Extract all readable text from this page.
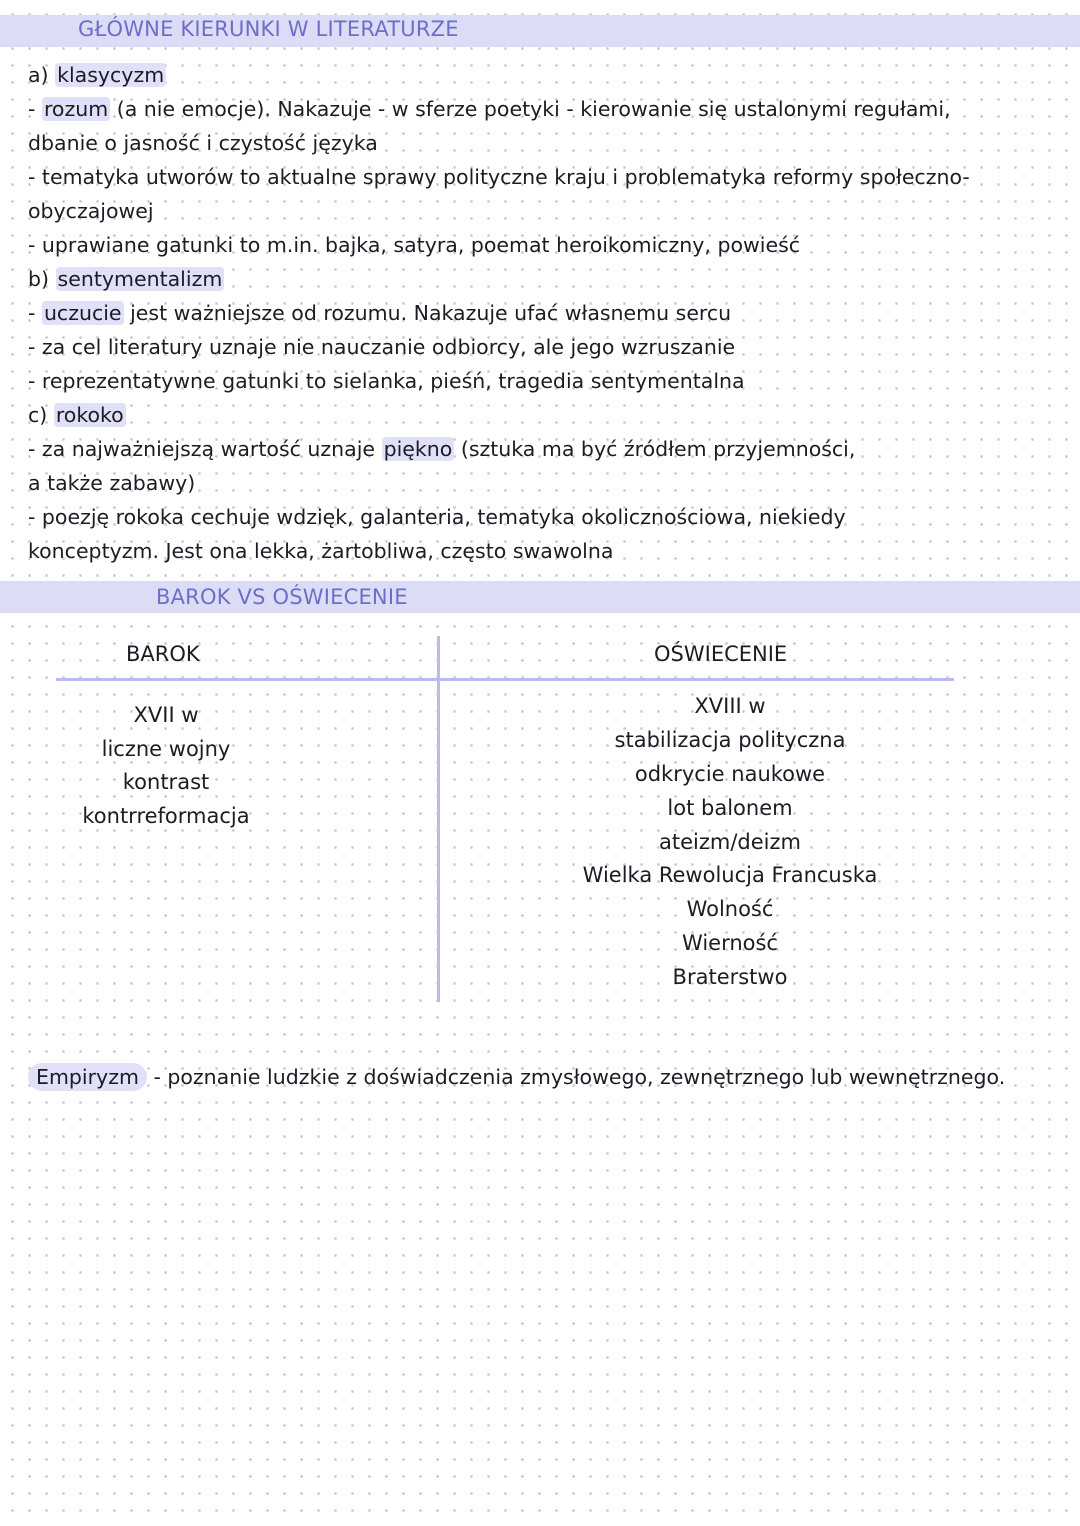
GŁÓWNE KIERUNKI W LITERATURZE
a) klasycyzm
- rozum (a nie emocje). Nakazuje - w sferze poetyki - kierowanie się ustalonymi regułami,
dbanie o jasność i czystość języka
- tematyka utworów to aktualne sprawy polityczne kraju i problematyka reformy społeczno-
obyczajowej
- uprawiane gatunki to m.in. bajka, satyra, poemat heroikomiczny, powieść
b) sentymentalizm
- uczucie jest ważniejsze od rozumu. Nakazuje ufać własnemu sercu
- za cel literatury uznaje nie nauczanie odbiorcy, ale jego wzruszanie
- reprezentatywne gatunki to sielanka, pieśń, tragedia sentymentalna
c) rokoko
- za najważniejszą wartość uznaje piękno (sztuka ma być źródłem przyjemności,
a także zabawy)
- poezję rokoka cechuje wdzięk, galanteria, tematyka okolicznościowa, niekiedy
konceptyzm. Jest ona lekka, żartobliwa, często swawolna
BAROK VS OŚWIECENIE
BAROK	OŚWIECENIE
XVII w
liczne wojny
kontrast
kontrreformacja
XVIII w
stabilizacja polityczna
odkrycie naukowe
lot balonem
ateizm/deizm
Wielka Rewolucja Francuska
Wolność
Wierność
Braterstwo
Empiryzm - poznanie ludzkie z doświadczenia zmysłowego, zewnętrznego lub wewnętrznego.
